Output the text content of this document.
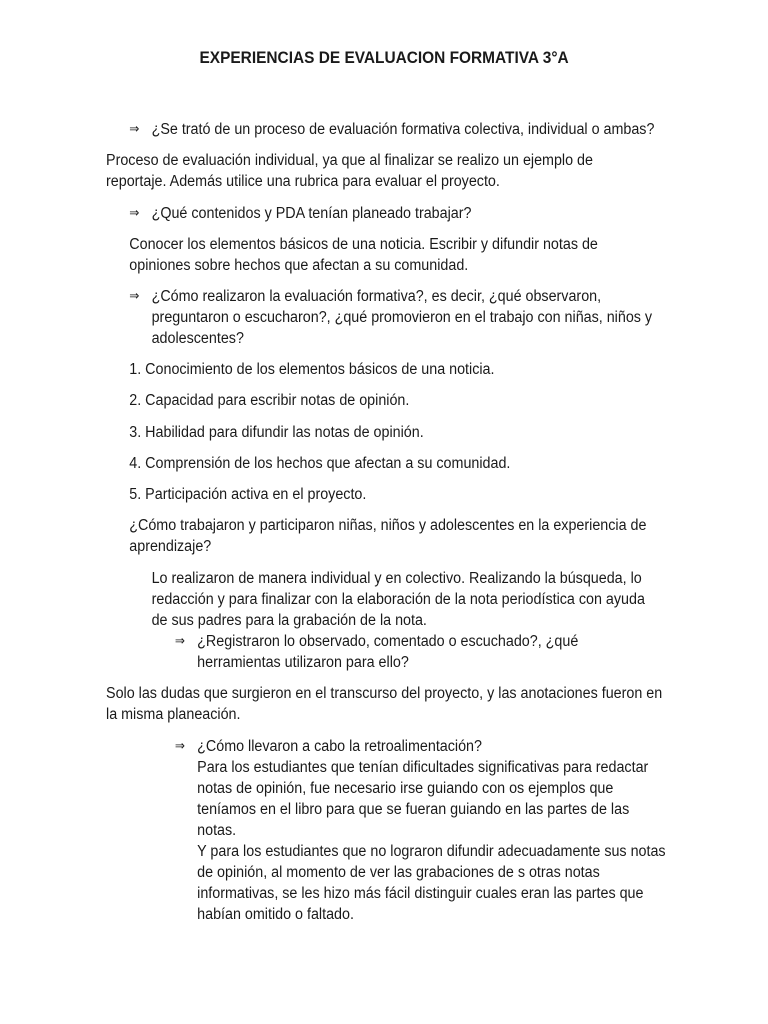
EXPERIENCIAS DE EVALUACION FORMATIVA 3°A
⇒ ¿Se trató de un proceso de evaluación formativa colectiva, individual o ambas?
Proceso de evaluación individual, ya que al finalizar se realizo un ejemplo de reportaje. Además utilice una rubrica para evaluar el proyecto.
⇒ ¿Qué contenidos y PDA tenían planeado trabajar?
Conocer los elementos básicos de una noticia. Escribir y difundir notas de opiniones sobre hechos que afectan a su comunidad.
⇒ ¿Cómo realizaron la evaluación formativa?, es decir, ¿qué observaron, preguntaron o escucharon?, ¿qué promovieron en el trabajo con niñas, niños y adolescentes?
1. Conocimiento de los elementos básicos de una noticia.
2. Capacidad para escribir notas de opinión.
3. Habilidad para difundir las notas de opinión.
4. Comprensión de los hechos que afectan a su comunidad.
5. Participación activa en el proyecto.
¿Cómo trabajaron y participaron niñas, niños y adolescentes en la experiencia de aprendizaje?
Lo realizaron de manera individual y en colectivo. Realizando la búsqueda, lo redacción y para finalizar con la elaboración de la nota periodística con ayuda de sus padres para la grabación de la nota.
⇒ ¿Registraron lo observado, comentado o escuchado?, ¿qué herramientas utilizaron para ello?
Solo las dudas que surgieron en el transcurso del proyecto, y las anotaciones fueron en la misma planeación.
⇒ ¿Cómo llevaron a cabo la retroalimentación?

Para los estudiantes que tenían dificultades significativas para redactar notas de opinión, fue necesario irse guiando con os ejemplos que teníamos en el libro para que se fueran guiando en las partes de las notas.

Y para los estudiantes que no lograron difundir adecuadamente sus notas de opinión, al momento de ver las grabaciones de s otras notas informativas, se les hizo más fácil distinguir cuales eran las partes que habían omitido o faltado.
